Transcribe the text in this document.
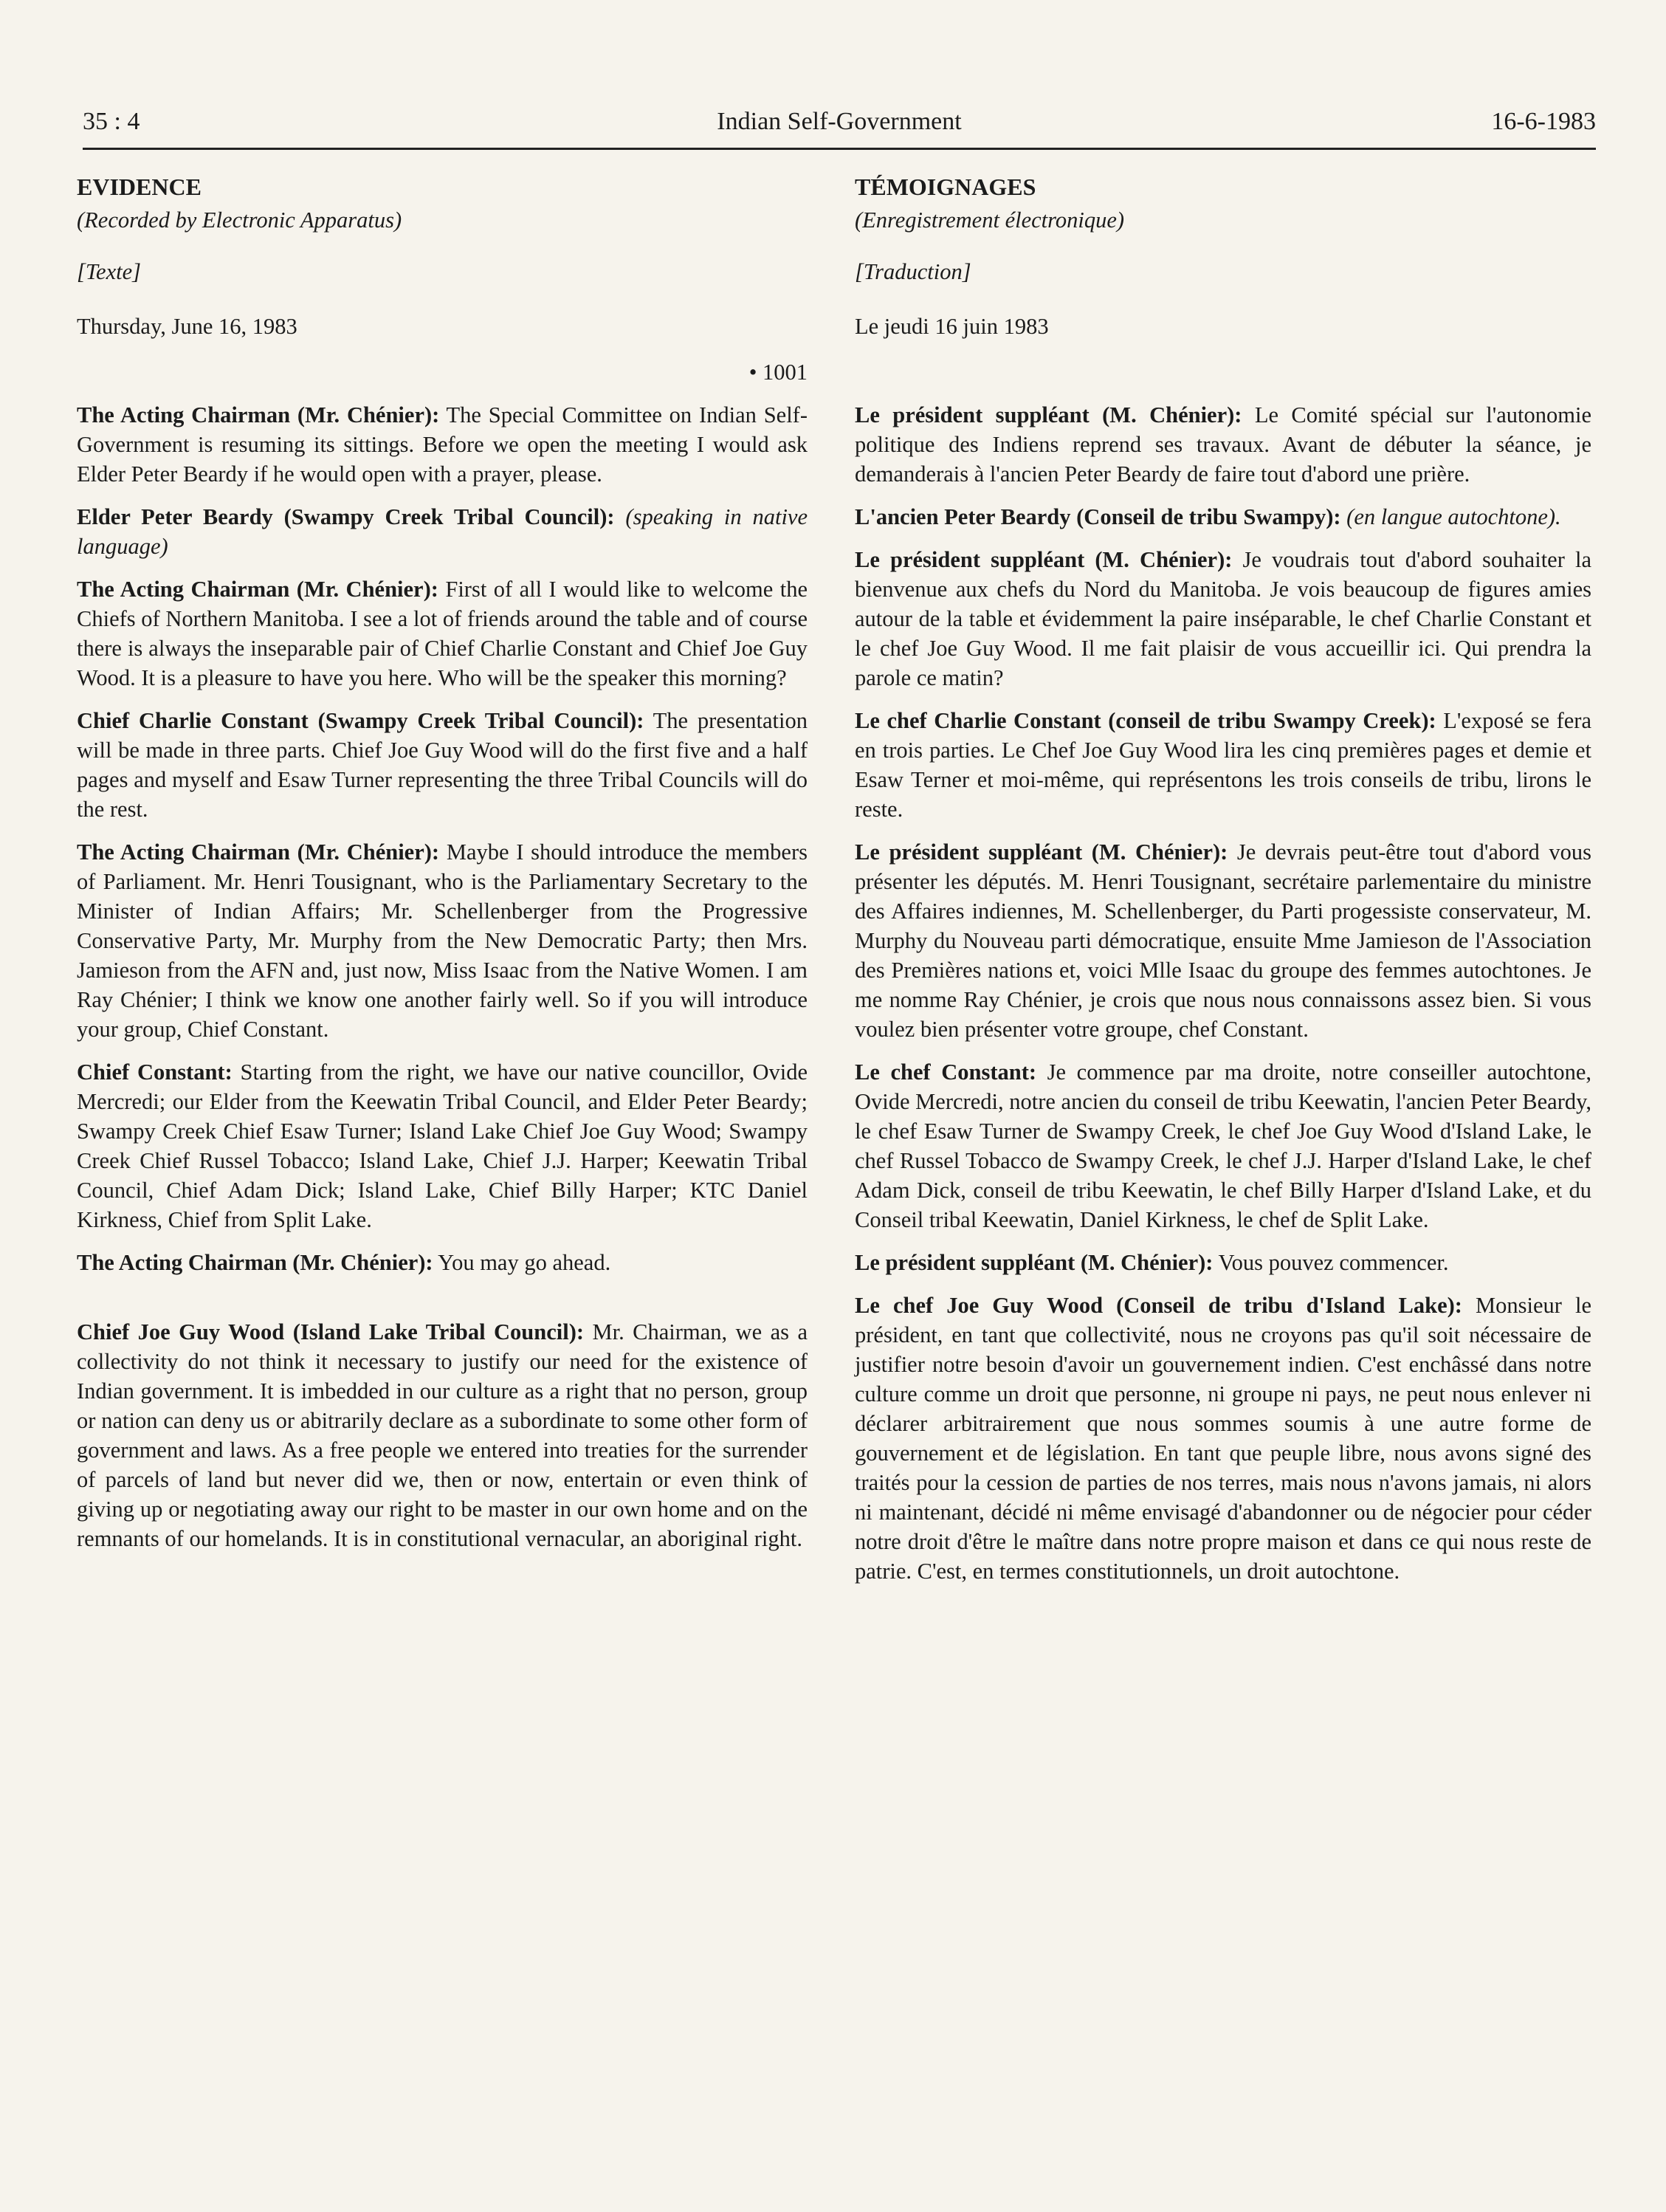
35 : 4	Indian Self-Government	16-6-1983

EVIDENCE

(Recorded by Electronic Apparatus)

[Texte]

Thursday, June 16, 1983

• 1001

The Acting Chairman (Mr. Chénier): The Special Committee on Indian Self-Government is resuming its sittings. Before we open the meeting I would ask Elder Peter Beardy if he would open with a prayer, please.

Elder Peter Beardy (Swampy Creek Tribal Council): (speaking in native language)

The Acting Chairman (Mr. Chénier): First of all I would like to welcome the Chiefs of Northern Manitoba. I see a lot of friends around the table and of course there is always the inseparable pair of Chief Charlie Constant and Chief Joe Guy Wood. It is a pleasure to have you here. Who will be the speaker this morning?

Chief Charlie Constant (Swampy Creek Tribal Council): The presentation will be made in three parts. Chief Joe Guy Wood will do the first five and a half pages and myself and Esaw Turner representing the three Tribal Councils will do the rest.

The Acting Chairman (Mr. Chénier): Maybe I should introduce the members of Parliament. Mr. Henri Tousignant, who is the Parliamentary Secretary to the Minister of Indian Affairs; Mr. Schellenberger from the Progressive Conservative Party, Mr. Murphy from the New Democratic Party; then Mrs. Jamieson from the AFN and, just now, Miss Isaac from the Native Women. I am Ray Chénier; I think we know one another fairly well. So if you will introduce your group, Chief Constant.

Chief Constant: Starting from the right, we have our native councillor, Ovide Mercredi; our Elder from the Keewatin Tribal Council, and Elder Peter Beardy; Swampy Creek Chief Esaw Turner; Island Lake Chief Joe Guy Wood; Swampy Creek Chief Russel Tobacco; Island Lake, Chief J.J. Harper; Keewatin Tribal Council, Chief Adam Dick; Island Lake, Chief Billy Harper; KTC Daniel Kirkness, Chief from Split Lake.

The Acting Chairman (Mr. Chénier): You may go ahead.

Chief Joe Guy Wood (Island Lake Tribal Council): Mr. Chairman, we as a collectivity do not think it necessary to justify our need for the existence of Indian government. It is imbedded in our culture as a right that no person, group or nation can deny us or abitrarily declare as a subordinate to some other form of government and laws. As a free people we entered into treaties for the surrender of parcels of land but never did we, then or now, entertain or even think of giving up or negotiating away our right to be master in our own home and on the remnants of our homelands. It is in constitutional vernacular, an aboriginal right.

TÉMOIGNAGES

(Enregistrement électronique)

[Traduction]

Le jeudi 16 juin 1983

Le président suppléant (M. Chénier): Le Comité spécial sur l'autonomie politique des Indiens reprend ses travaux. Avant de débuter la séance, je demanderais à l'ancien Peter Beardy de faire tout d'abord une prière.

L'ancien Peter Beardy (Conseil de tribu Swampy): (en langue autochtone).

Le président suppléant (M. Chénier): Je voudrais tout d'abord souhaiter la bienvenue aux chefs du Nord du Manitoba. Je vois beaucoup de figures amies autour de la table et évidemment la paire inséparable, le chef Charlie Constant et le chef Joe Guy Wood. Il me fait plaisir de vous accueillir ici. Qui prendra la parole ce matin?

Le chef Charlie Constant (conseil de tribu Swampy Creek): L'exposé se fera en trois parties. Le Chef Joe Guy Wood lira les cinq premières pages et demie et Esaw Terner et moi-même, qui représentons les trois conseils de tribu, lirons le reste.

Le président suppléant (M. Chénier): Je devrais peut-être tout d'abord vous présenter les députés. M. Henri Tousignant, secrétaire parlementaire du ministre des Affaires indiennes, M. Schellenberger, du Parti progessiste conservateur, M. Murphy du Nouveau parti démocratique, ensuite Mme Jamieson de l'Association des Premières nations et, voici Mlle Isaac du groupe des femmes autochtones. Je me nomme Ray Chénier, je crois que nous nous connaissons assez bien. Si vous voulez bien présenter votre groupe, chef Constant.

Le chef Constant: Je commence par ma droite, notre conseiller autochtone, Ovide Mercredi, notre ancien du conseil de tribu Keewatin, l'ancien Peter Beardy, le chef Esaw Turner de Swampy Creek, le chef Joe Guy Wood d'Island Lake, le chef Russel Tobacco de Swampy Creek, le chef J.J. Harper d'Island Lake, le chef Adam Dick, conseil de tribu Keewatin, le chef Billy Harper d'Island Lake, et du Conseil tribal Keewatin, Daniel Kirkness, le chef de Split Lake.

Le président suppléant (M. Chénier): Vous pouvez commencer.

Le chef Joe Guy Wood (Conseil de tribu d'Island Lake): Monsieur le président, en tant que collectivité, nous ne croyons pas qu'il soit nécessaire de justifier notre besoin d'avoir un gouvernement indien. C'est enchâssé dans notre culture comme un droit que personne, ni groupe ni pays, ne peut nous enlever ni déclarer arbitrairement que nous sommes soumis à une autre forme de gouvernement et de législation. En tant que peuple libre, nous avons signé des traités pour la cession de parties de nos terres, mais nous n'avons jamais, ni alors ni maintenant, décidé ni même envisagé d'abandonner ou de négocier pour céder notre droit d'être le maître dans notre propre maison et dans ce qui nous reste de patrie. C'est, en termes constitutionnels, un droit autochtone.
